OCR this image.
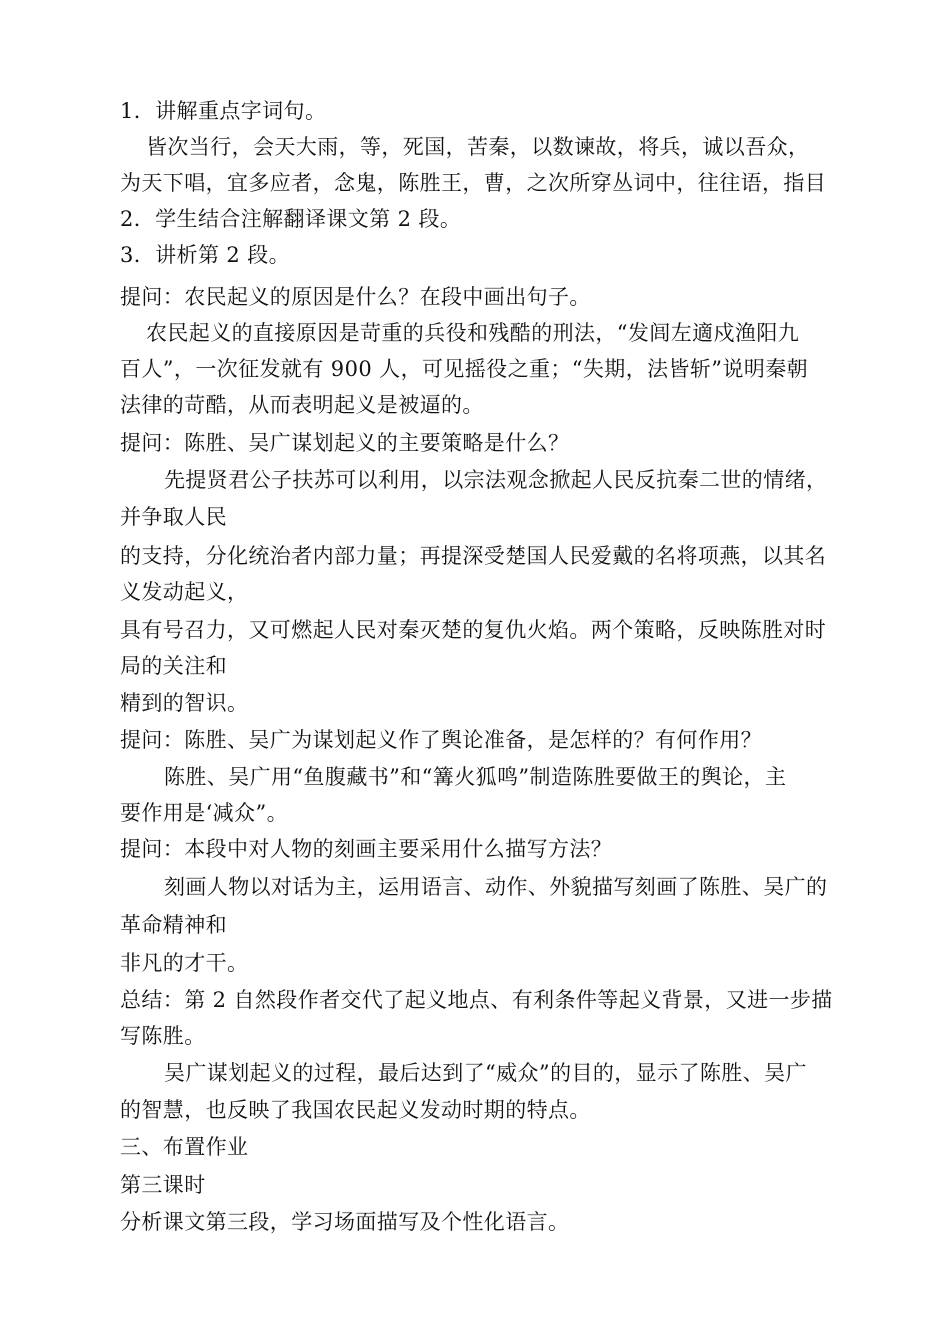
1．讲解重点字词句。
皆次当行，会天大雨，等，死国，苦秦，以数谏故，将兵，诚以吾众，
为天下唱，宜多应者，念鬼，陈胜王，曹，之次所穿丛词中，往往语，指目
2．学生结合注解翻译课文第 2 段。
3．讲析第 2 段。
提问：农民起义的原因是什么？在段中画出句子。
农民起义的直接原因是苛重的兵役和残酷的刑法，“发闾左適戍渔阳九
百人”，一次征发就有 900 人，可见摇役之重；“失期，法皆斩”说明秦朝
法律的苛酷，从而表明起义是被逼的。
提问：陈胜、吴广谋划起义的主要策略是什么？
先提贤君公子扶苏可以利用，以宗法观念掀起人民反抗秦二世的情绪，
并争取人民
的支持，分化统治者内部力量；再提深受楚国人民爱戴的名将项燕，以其名
义发动起义，
具有号召力，又可燃起人民对秦灭楚的复仇火焰。两个策略，反映陈胜对时
局的关注和
精到的智识。
提问：陈胜、吴广为谋划起义作了舆论准备，是怎样的？有何作用？
陈胜、吴广用“鱼腹藏书”和“篝火狐鸣”制造陈胜要做王的舆论，主
要作用是‘减众”。
提问：本段中对人物的刻画主要采用什么描写方法？
刻画人物以对话为主，运用语言、动作、外貌描写刻画了陈胜、吴广的
革命精神和
非凡的才干。
总结：第 2 自然段作者交代了起义地点、有利条件等起义背景，又进一步描
写陈胜。
吴广谋划起义的过程，最后达到了“威众”的目的，显示了陈胜、吴广
的智慧，也反映了我国农民起义发动时期的特点。
三、布置作业
第三课时
分析课文第三段，学习场面描写及个性化语言。
